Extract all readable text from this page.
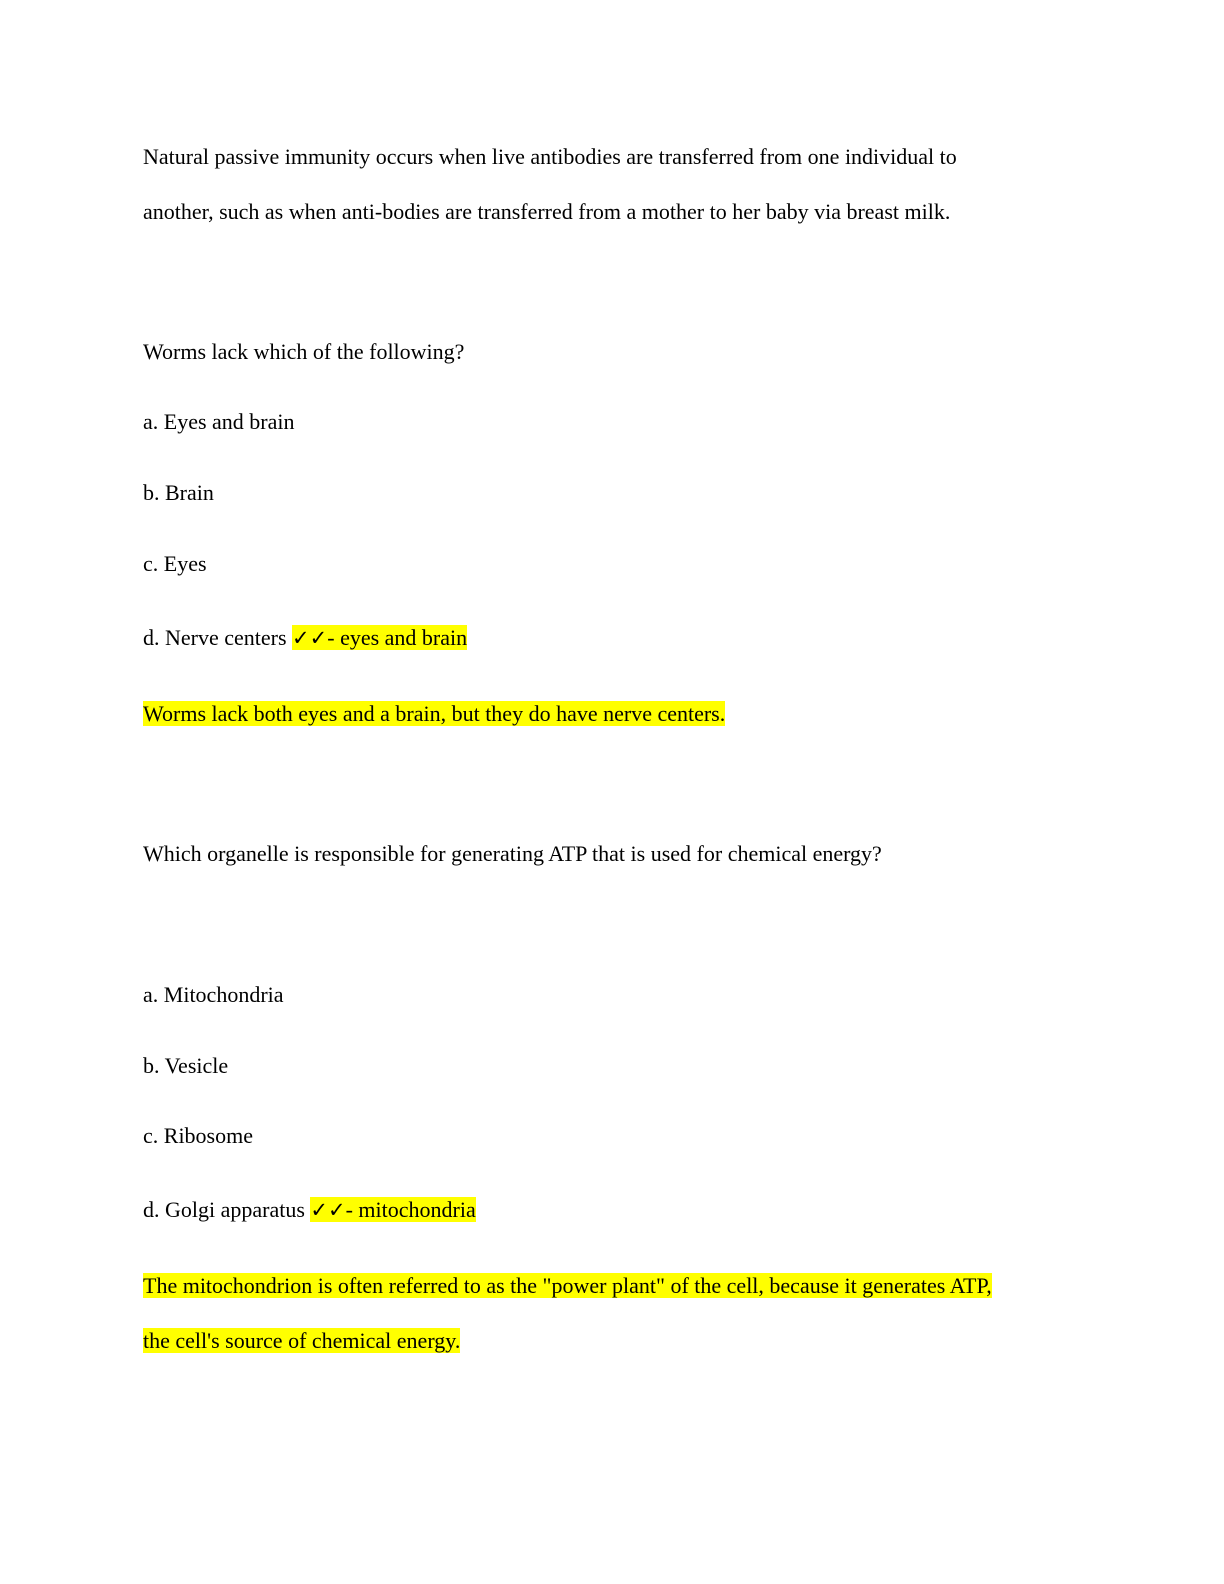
Natural passive immunity occurs when live antibodies are transferred from one individual to
another, such as when anti-bodies are transferred from a mother to her baby via breast milk.
Worms lack which of the following?
a. Eyes and brain
b. Brain
c. Eyes
d. Nerve centers ✓✓- eyes and brain
Worms lack both eyes and a brain, but they do have nerve centers.
Which organelle is responsible for generating ATP that is used for chemical energy?
a. Mitochondria
b. Vesicle
c. Ribosome
d. Golgi apparatus ✓✓- mitochondria
The mitochondrion is often referred to as the "power plant" of the cell, because it generates ATP,
the cell's source of chemical energy.
